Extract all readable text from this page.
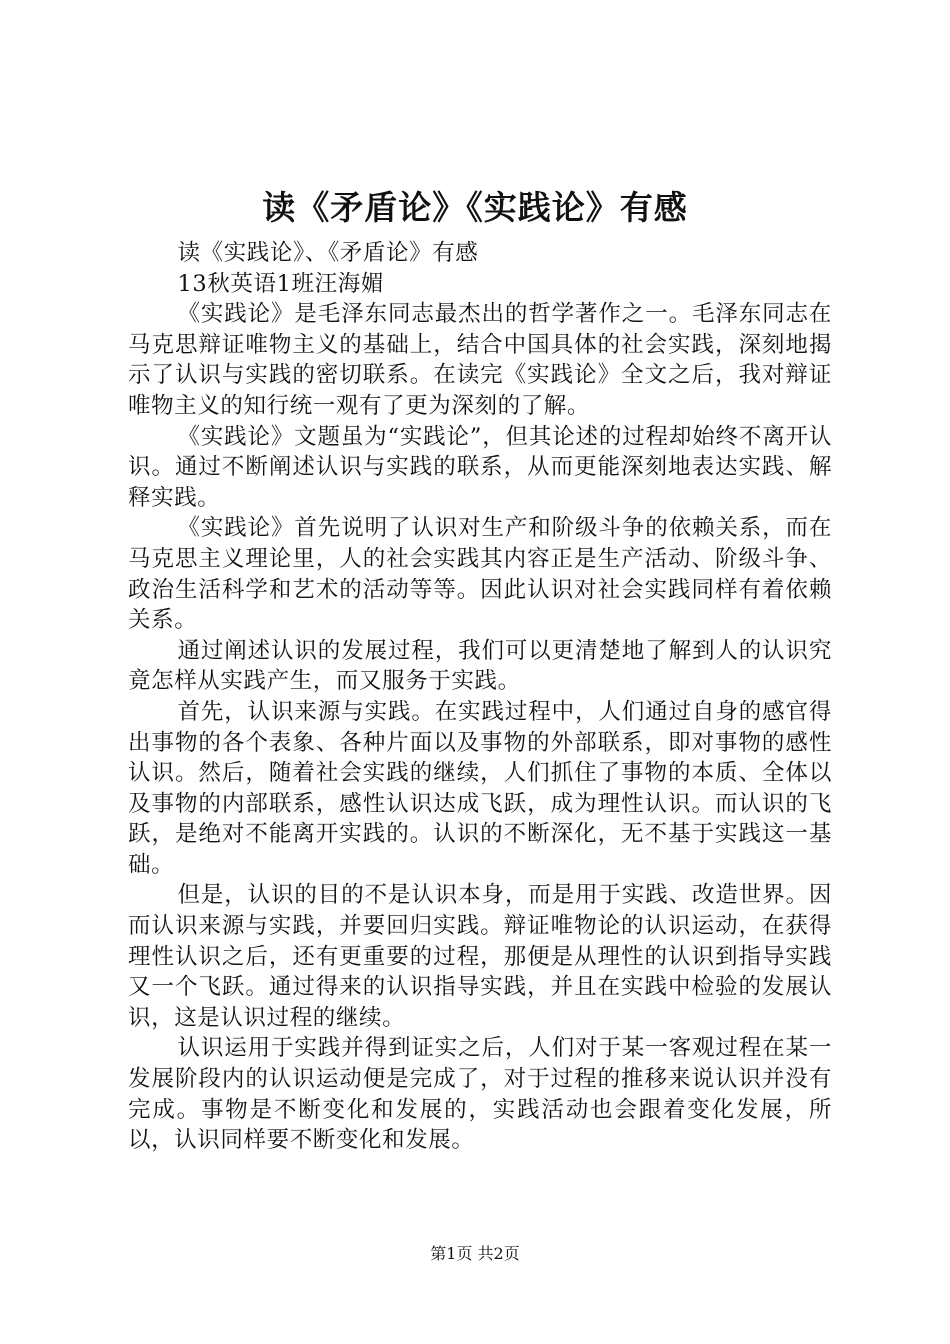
读《矛盾论》《实践论》有感

读《实践论》、《矛盾论》有感

13秋英语1班汪海媚

《实践论》是毛泽东同志最杰出的哲学著作之一。毛泽东同志在马克思辩证唯物主义的基础上，结合中国具体的社会实践，深刻地揭示了认识与实践的密切联系。在读完《实践论》全文之后，我对辩证唯物主义的知行统一观有了更为深刻的了解。

《实践论》文题虽为“实践论”，但其论述的过程却始终不离开认识。通过不断阐述认识与实践的联系，从而更能深刻地表达实践、解释实践。

《实践论》首先说明了认识对生产和阶级斗争的依赖关系，而在马克思主义理论里，人的社会实践其内容正是生产活动、阶级斗争、政治生活科学和艺术的活动等等。因此认识对社会实践同样有着依赖关系。

通过阐述认识的发展过程，我们可以更清楚地了解到人的认识究竟怎样从实践产生，而又服务于实践。

首先，认识来源与实践。在实践过程中，人们通过自身的感官得出事物的各个表象、各种片面以及事物的外部联系，即对事物的感性认识。然后，随着社会实践的继续，人们抓住了事物的本质、全体以及事物的内部联系，感性认识达成飞跃，成为理性认识。而认识的飞跃，是绝对不能离开实践的。认识的不断深化，无不基于实践这一基础。

但是，认识的目的不是认识本身，而是用于实践、改造世界。因而认识来源与实践，并要回归实践。辩证唯物论的认识运动，在获得理性认识之后，还有更重要的过程，那便是从理性的认识到指导实践又一个飞跃。通过得来的认识指导实践，并且在实践中检验的发展认识，这是认识过程的继续。

认识运用于实践并得到证实之后，人们对于某一客观过程在某一发展阶段内的认识运动便是完成了，对于过程的推移来说认识并没有完成。事物是不断变化和发展的，实践活动也会跟着变化发展，所以，认识同样要不断变化和发展。

第1页 共2页
